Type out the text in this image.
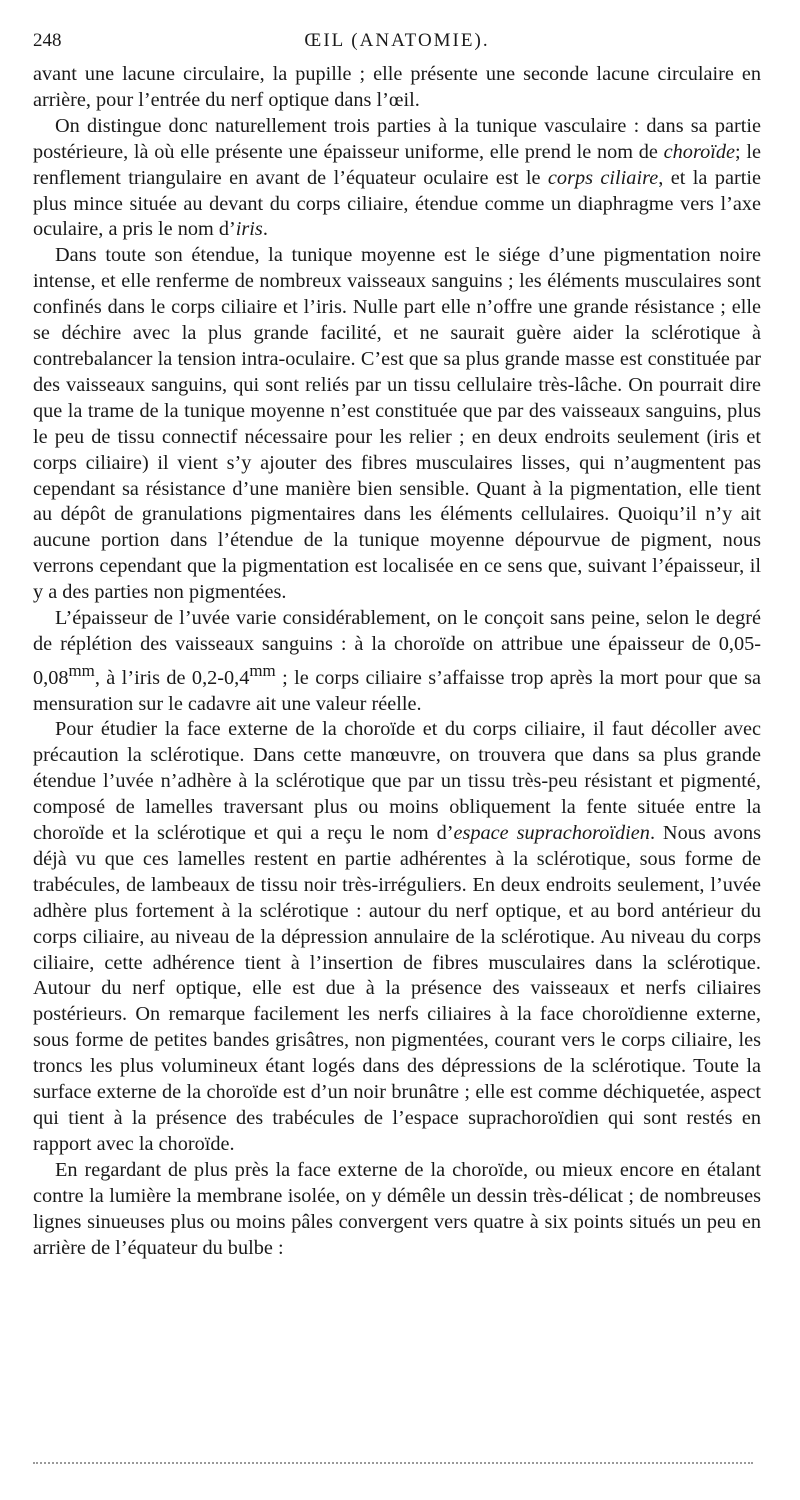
248	ŒIL (ANATOMIE).

avant une lacune circulaire, la pupille ; elle présente une seconde lacune circulaire en arrière, pour l’entrée du nerf optique dans l’œil.

On distingue donc naturellement trois parties à la tunique vasculaire : dans sa partie postérieure, là où elle présente une épaisseur uniforme, elle prend le nom de choroïde; le renflement triangulaire en avant de l’équateur oculaire est le corps ciliaire, et la partie plus mince située au devant du corps ciliaire, étendue comme un diaphragme vers l’axe oculaire, a pris le nom d’iris.

Dans toute son étendue, la tunique moyenne est le siége d’une pigmentation noire intense, et elle renferme de nombreux vaisseaux sanguins ; les éléments musculaires sont confinés dans le corps ciliaire et l’iris. Nulle part elle n’offre une grande résistance ; elle se déchire avec la plus grande facilité, et ne saurait guère aider la sclérotique à contrebalancer la tension intra-oculaire. C’est que sa plus grande masse est constituée par des vaisseaux sanguins, qui sont reliés par un tissu cellulaire très-lâche. On pourrait dire que la trame de la tunique moyenne n’est constituée que par des vaisseaux sanguins, plus le peu de tissu connectif nécessaire pour les relier ; en deux endroits seulement (iris et corps ciliaire) il vient s’y ajouter des fibres musculaires lisses, qui n’augmentent pas cependant sa résistance d’une manière bien sensible. Quant à la pigmentation, elle tient au dépôt de granulations pigmentaires dans les éléments cellulaires. Quoiqu’il n’y ait aucune portion dans l’étendue de la tunique moyenne dépourvue de pigment, nous verrons cependant que la pigmentation est localisée en ce sens que, suivant l’épaisseur, il y a des parties non pigmentées.

L’épaisseur de l’uvée varie considérablement, on le conçoit sans peine, selon le degré de réplétion des vaisseaux sanguins : à la choroïde on attribue une épaisseur de $0,05-0,08^{mm}$, à l’iris de $0,2-0,4^{mm}$ ; le corps ciliaire s’affaisse trop après la mort pour que sa mensuration sur le cadavre ait une valeur réelle.

Pour étudier la face externe de la choroïde et du corps ciliaire, il faut décoller avec précaution la sclérotique. Dans cette manœuvre, on trouvera que dans sa plus grande étendue l’uvée n’adhère à la sclérotique que par un tissu très-peu résistant et pigmenté, composé de lamelles traversant plus ou moins obliquement la fente située entre la choroïde et la sclérotique et qui a reçu le nom d’espace suprachoroïdien. Nous avons déjà vu que ces lamelles restent en partie adhérentes à la sclérotique, sous forme de trabécules, de lambeaux de tissu noir très-irréguliers. En deux endroits seulement, l’uvée adhère plus fortement à la sclérotique : autour du nerf optique, et au bord antérieur du corps ciliaire, au niveau de la dépression annulaire de la sclérotique. Au niveau du corps ciliaire, cette adhérence tient à l’insertion de fibres musculaires dans la sclérotique. Autour du nerf optique, elle est due à la présence des vaisseaux et nerfs ciliaires postérieurs. On remarque facilement les nerfs ciliaires à la face choroïdienne externe, sous forme de petites bandes grisâtres, non pigmentées, courant vers le corps ciliaire, les troncs les plus volumineux étant logés dans des dépressions de la sclérotique. Toute la surface externe de la choroïde est d’un noir brunâtre ; elle est comme déchiquetée, aspect qui tient à la présence des trabécules de l’espace suprachoroïdien qui sont restés en rapport avec la choroïde.

En regardant de plus près la face externe de la choroïde, ou mieux encore en étalant contre la lumière la membrane isolée, on y démêle un dessin très-délicat ; de nombreuses lignes sinueuses plus ou moins pâles convergent vers quatre à six points situés un peu en arrière de l’équateur du bulbe :
